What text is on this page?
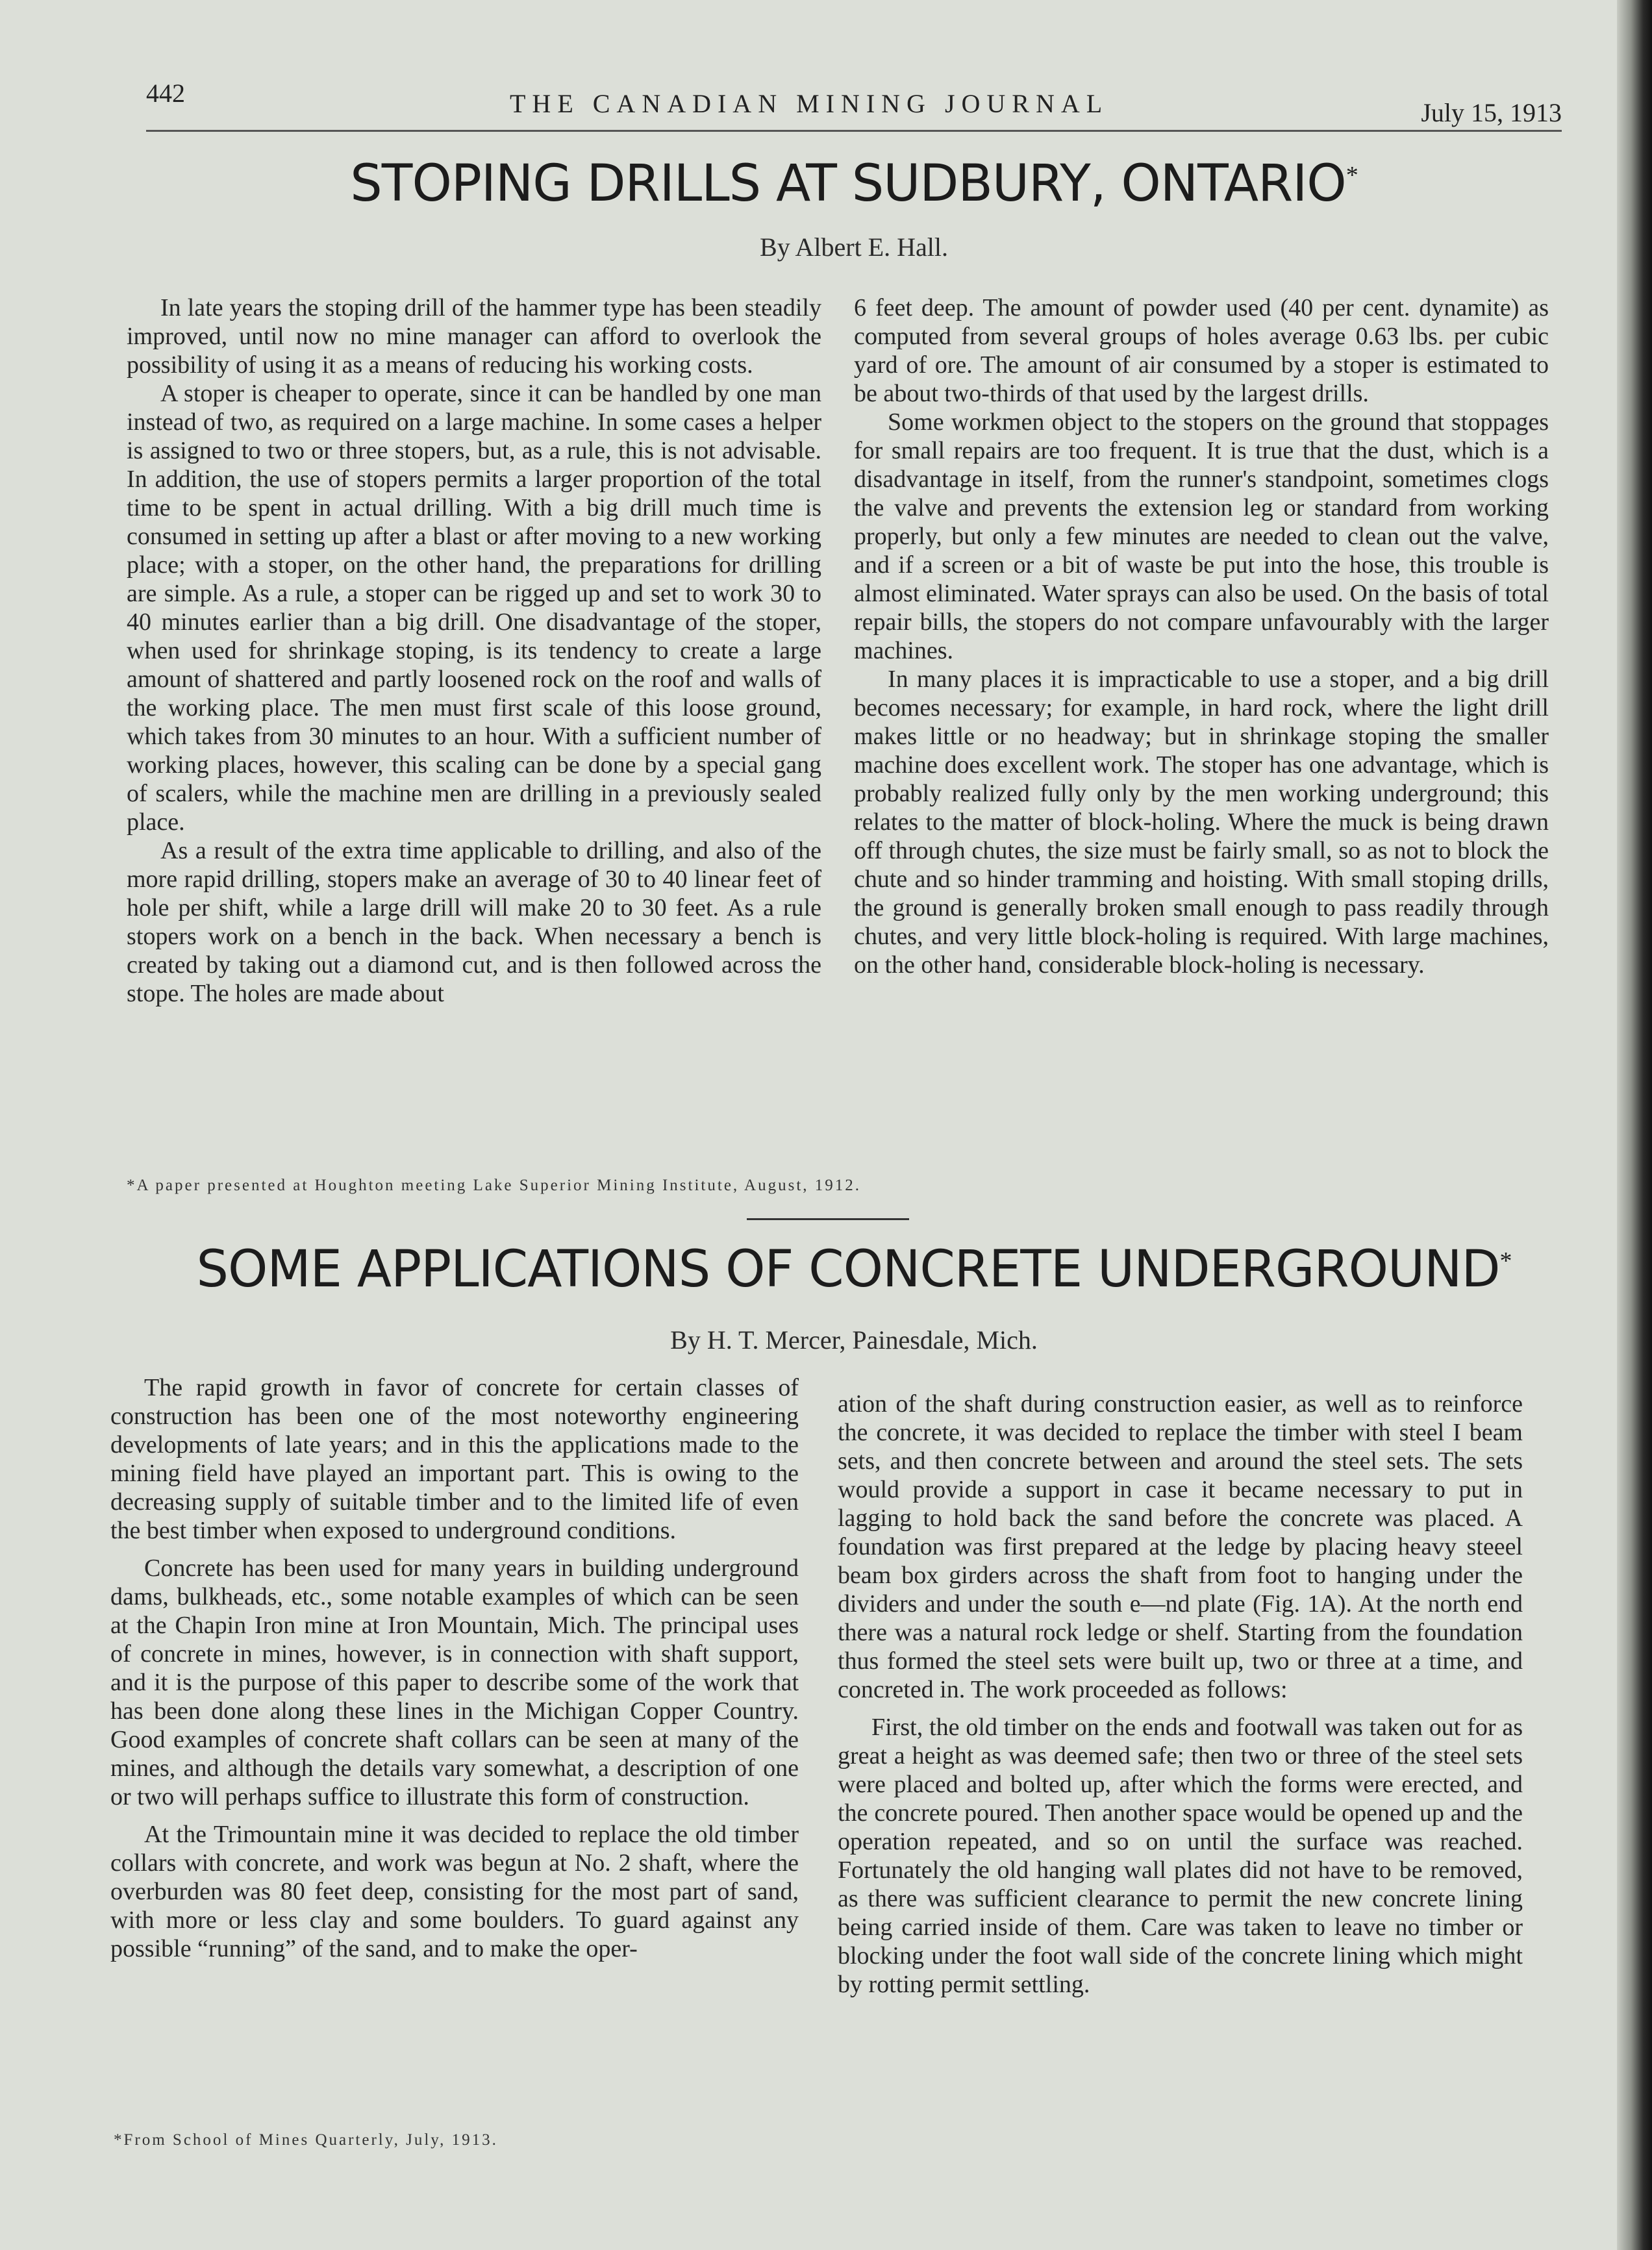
442	THE CANADIAN MINING JOURNAL	July 15, 1913
STOPING DRILLS AT SUDBURY, ONTARIO*
By Albert E. Hall.

In late years the stoping drill of the hammer type has been steadily improved, until now no mine manager can afford to overlook the possibility of using it as a means of reducing his working costs.

A stoper is cheaper to operate, since it can be handled by one man instead of two, as required on a large machine. In some cases a helper is assigned to two or three stopers, but, as a rule, this is not advisable. In addition, the use of stopers permits a larger proportion of the total time to be spent in actual drilling. With a big drill much time is consumed in setting up after a blast or after moving to a new working place; with a stoper, on the other hand, the preparations for drilling are simple. As a rule, a stoper can be rigged up and set to work 30 to 40 minutes earlier than a big drill. One disadvantage of the stoper, when used for shrinkage stoping, is its tendency to create a large amount of shattered and partly loosened rock on the roof and walls of the working place. The men must first scale of this loose ground, which takes from 30 minutes to an hour. With a sufficient number of working places, however, this scaling can be done by a special gang of scalers, while the machine men are drilling in a previously sealed place.

As a result of the extra time applicable to drilling, and also of the more rapid drilling, stopers make an average of 30 to 40 linear feet of hole per shift, while a large drill will make 20 to 30 feet. As a rule stopers work on a bench in the back. When necessary a bench is created by taking out a diamond cut, and is then followed across the stope. The holes are made about

6 feet deep. The amount of powder used (40 per cent. dynamite) as computed from several groups of holes average 0.63 lbs. per cubic yard of ore. The amount of air consumed by a stoper is estimated to be about two-thirds of that used by the largest drills.

Some workmen object to the stopers on the ground that stoppages for small repairs are too frequent. It is true that the dust, which is a disadvantage in itself, from the runner's standpoint, sometimes clogs the valve and prevents the extension leg or standard from working properly, but only a few minutes are needed to clean out the valve, and if a screen or a bit of waste be put into the hose, this trouble is almost eliminated. Water sprays can also be used. On the basis of total repair bills, the stopers do not compare unfavourably with the larger machines.

In many places it is impracticable to use a stoper, and a big drill becomes necessary; for example, in hard rock, where the light drill makes little or no headway; but in shrinkage stoping the smaller machine does excellent work. The stoper has one advantage, which is probably realized fully only by the men working underground; this relates to the matter of block-holing. Where the muck is being drawn off through chutes, the size must be fairly small, so as not to block the chute and so hinder tramming and hoisting. With small stoping drills, the ground is generally broken small enough to pass readily through chutes, and very little block-holing is required. With large machines, on the other hand, considerable block-holing is necessary.

*A paper presented at Houghton meeting Lake Superior Mining Institute, August, 1912.
SOME APPLICATIONS OF CONCRETE UNDERGROUND*
By H. T. Mercer, Painesdale, Mich.

The rapid growth in favor of concrete for certain classes of construction has been one of the most noteworthy engineering developments of late years; and in this the applications made to the mining field have played an important part. This is owing to the decreasing supply of suitable timber and to the limited life of even the best timber when exposed to underground conditions.

Concrete has been used for many years in building underground dams, bulkheads, etc., some notable examples of which can be seen at the Chapin Iron mine at Iron Mountain, Mich. The principal uses of concrete in mines, however, is in connection with shaft support, and it is the purpose of this paper to describe some of the work that has been done along these lines in the Michigan Copper Country. Good examples of concrete shaft collars can be seen at many of the mines, and although the details vary somewhat, a description of one or two will perhaps suffice to illustrate this form of construction.

At the Trimountain mine it was decided to replace the old timber collars with concrete, and work was begun at No. 2 shaft, where the overburden was 80 feet deep, consisting for the most part of sand, with more or less clay and some boulders. To guard against any possible “running” of the sand, and to make the oper-

ation of the shaft during construction easier, as well as to reinforce the concrete, it was decided to replace the timber with steel I beam sets, and then concrete between and around the steel sets. The sets would provide a support in case it became necessary to put in lagging to hold back the sand before the concrete was placed. A foundation was first prepared at the ledge by placing heavy steeel beam box girders across the shaft from foot to hanging under the dividers and under the south e—nd plate (Fig. 1A). At the north end there was a natural rock ledge or shelf. Starting from the foundation thus formed the steel sets were built up, two or three at a time, and concreted in. The work proceeded as follows:

First, the old timber on the ends and footwall was taken out for as great a height as was deemed safe; then two or three of the steel sets were placed and bolted up, after which the forms were erected, and the concrete poured. Then another space would be opened up and the operation repeated, and so on until the surface was reached. Fortunately the old hanging wall plates did not have to be removed, as there was sufficient clearance to permit the new concrete lining being carried inside of them. Care was taken to leave no timber or blocking under the foot wall side of the concrete lining which might by rotting permit settling.

*From School of Mines Quarterly, July, 1913.
